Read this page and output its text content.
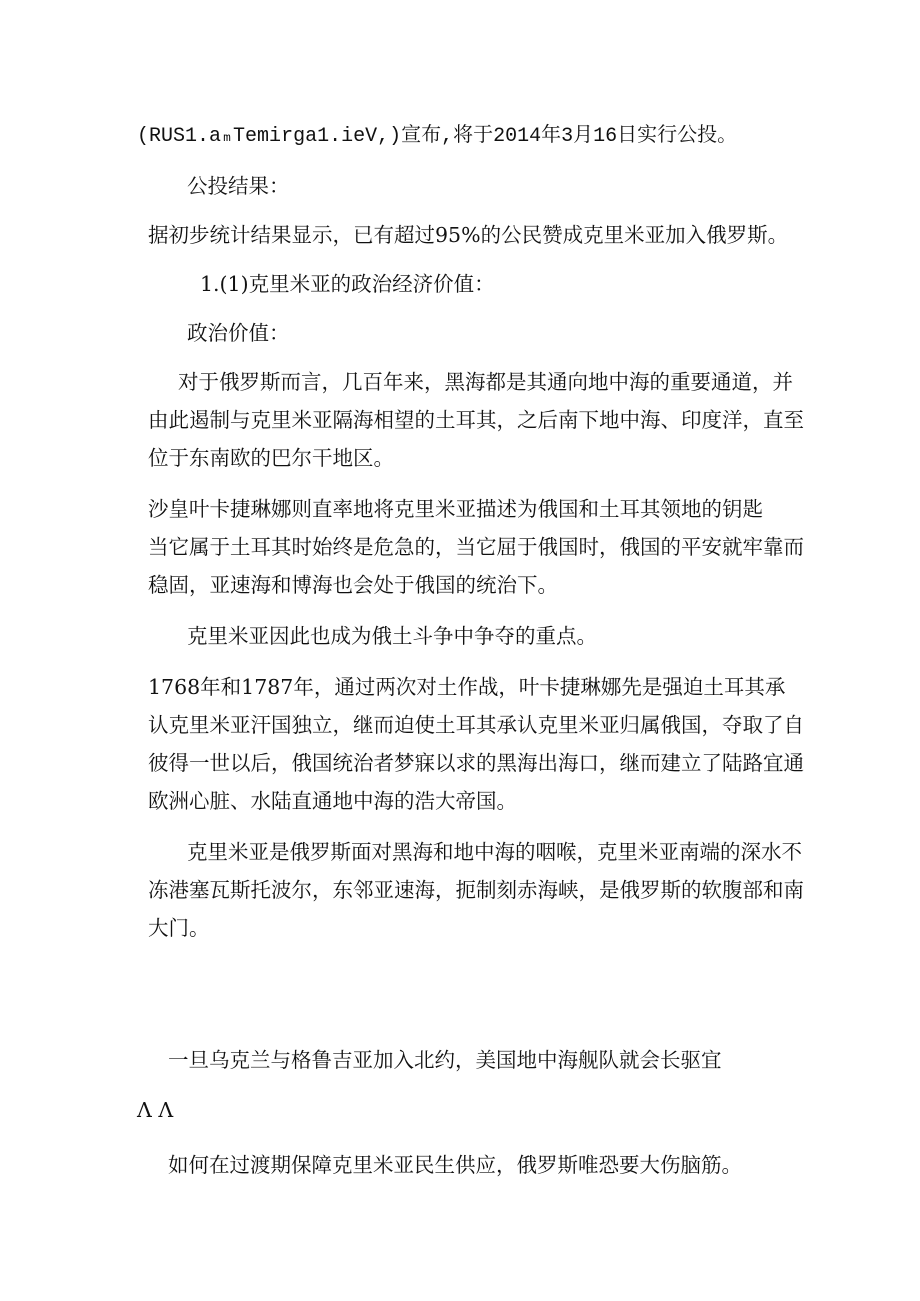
(RUS1.aₘTemirga1.ieV,)宣布,将于2014年3月16日实行公投。
公投结果：
据初步统计结果显示，已有超过95%的公民赞成克里米亚加入俄罗斯。
1.(1)克里米亚的政治经济价值：
政治价值：
对于俄罗斯而言，几百年来，黑海都是其通向地中海的重要通道，并
由此遏制与克里米亚隔海相望的土耳其，之后南下地中海、印度洋，直至
位于东南欧的巴尔干地区。
沙皇叶卡捷琳娜则直率地将克里米亚描述为俄国和土耳其领地的钥匙
当它属于土耳其时始终是危急的，当它屈于俄国时，俄国的平安就牢靠而
稳固，亚速海和博海也会处于俄国的统治下。
克里米亚因此也成为俄土斗争中争夺的重点。
1768年和1787年，通过两次对土作战，叶卡捷琳娜先是强迫土耳其承
认克里米亚汗国独立，继而迫使土耳其承认克里米亚归属俄国，夺取了自
彼得一世以后，俄国统治者梦寐以求的黑海出海口，继而建立了陆路宜通
欧洲心脏、水陆直通地中海的浩大帝国。
克里米亚是俄罗斯面对黑海和地中海的咽喉，克里米亚南端的深水不
冻港塞瓦斯托波尔，东邻亚速海，扼制刻赤海峡，是俄罗斯的软腹部和南
大门。
一旦乌克兰与格鲁吉亚加入北约，美国地中海舰队就会长驱宜
Λ Λ
如何在过渡期保障克里米亚民生供应，俄罗斯唯恐要大伤脑筋。
